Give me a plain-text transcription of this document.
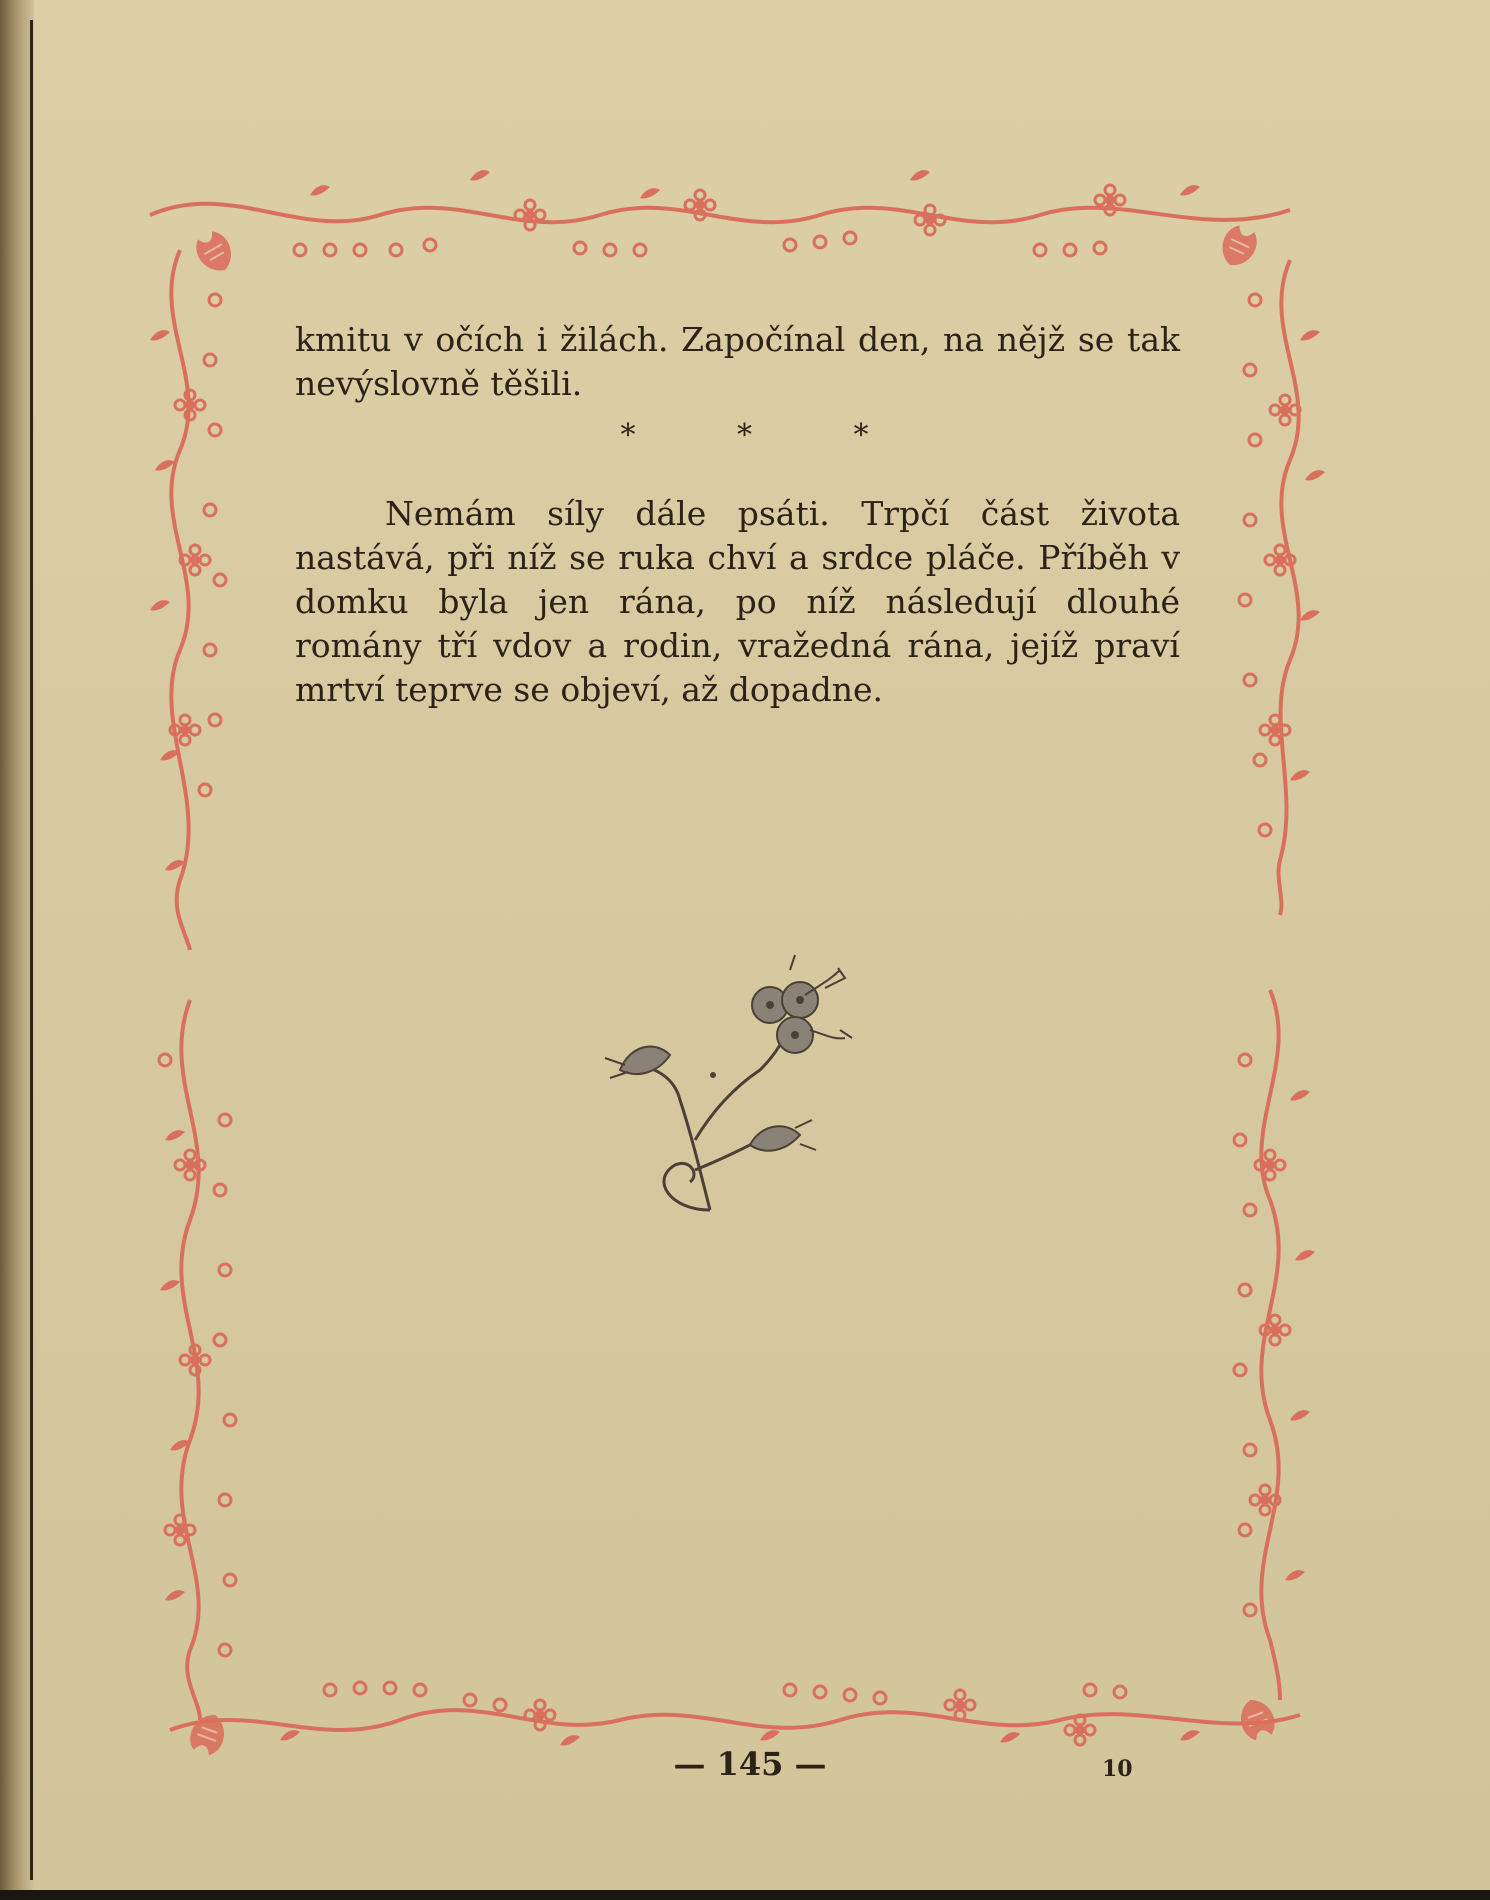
kmitu v očích i žilách. Započínal den, na nějž se tak nevýslovně těšili.

* * *

Nemám síly dále psáti. Trpčí část života nastává, při níž se ruka chví a srdce pláče. Příběh v domku byla jen rána, po níž následují dlouhé romány tří vdov a rodin, vražedná rána, jejíž praví mrtví teprve se objeví, až dopadne.

— 145 —	10
